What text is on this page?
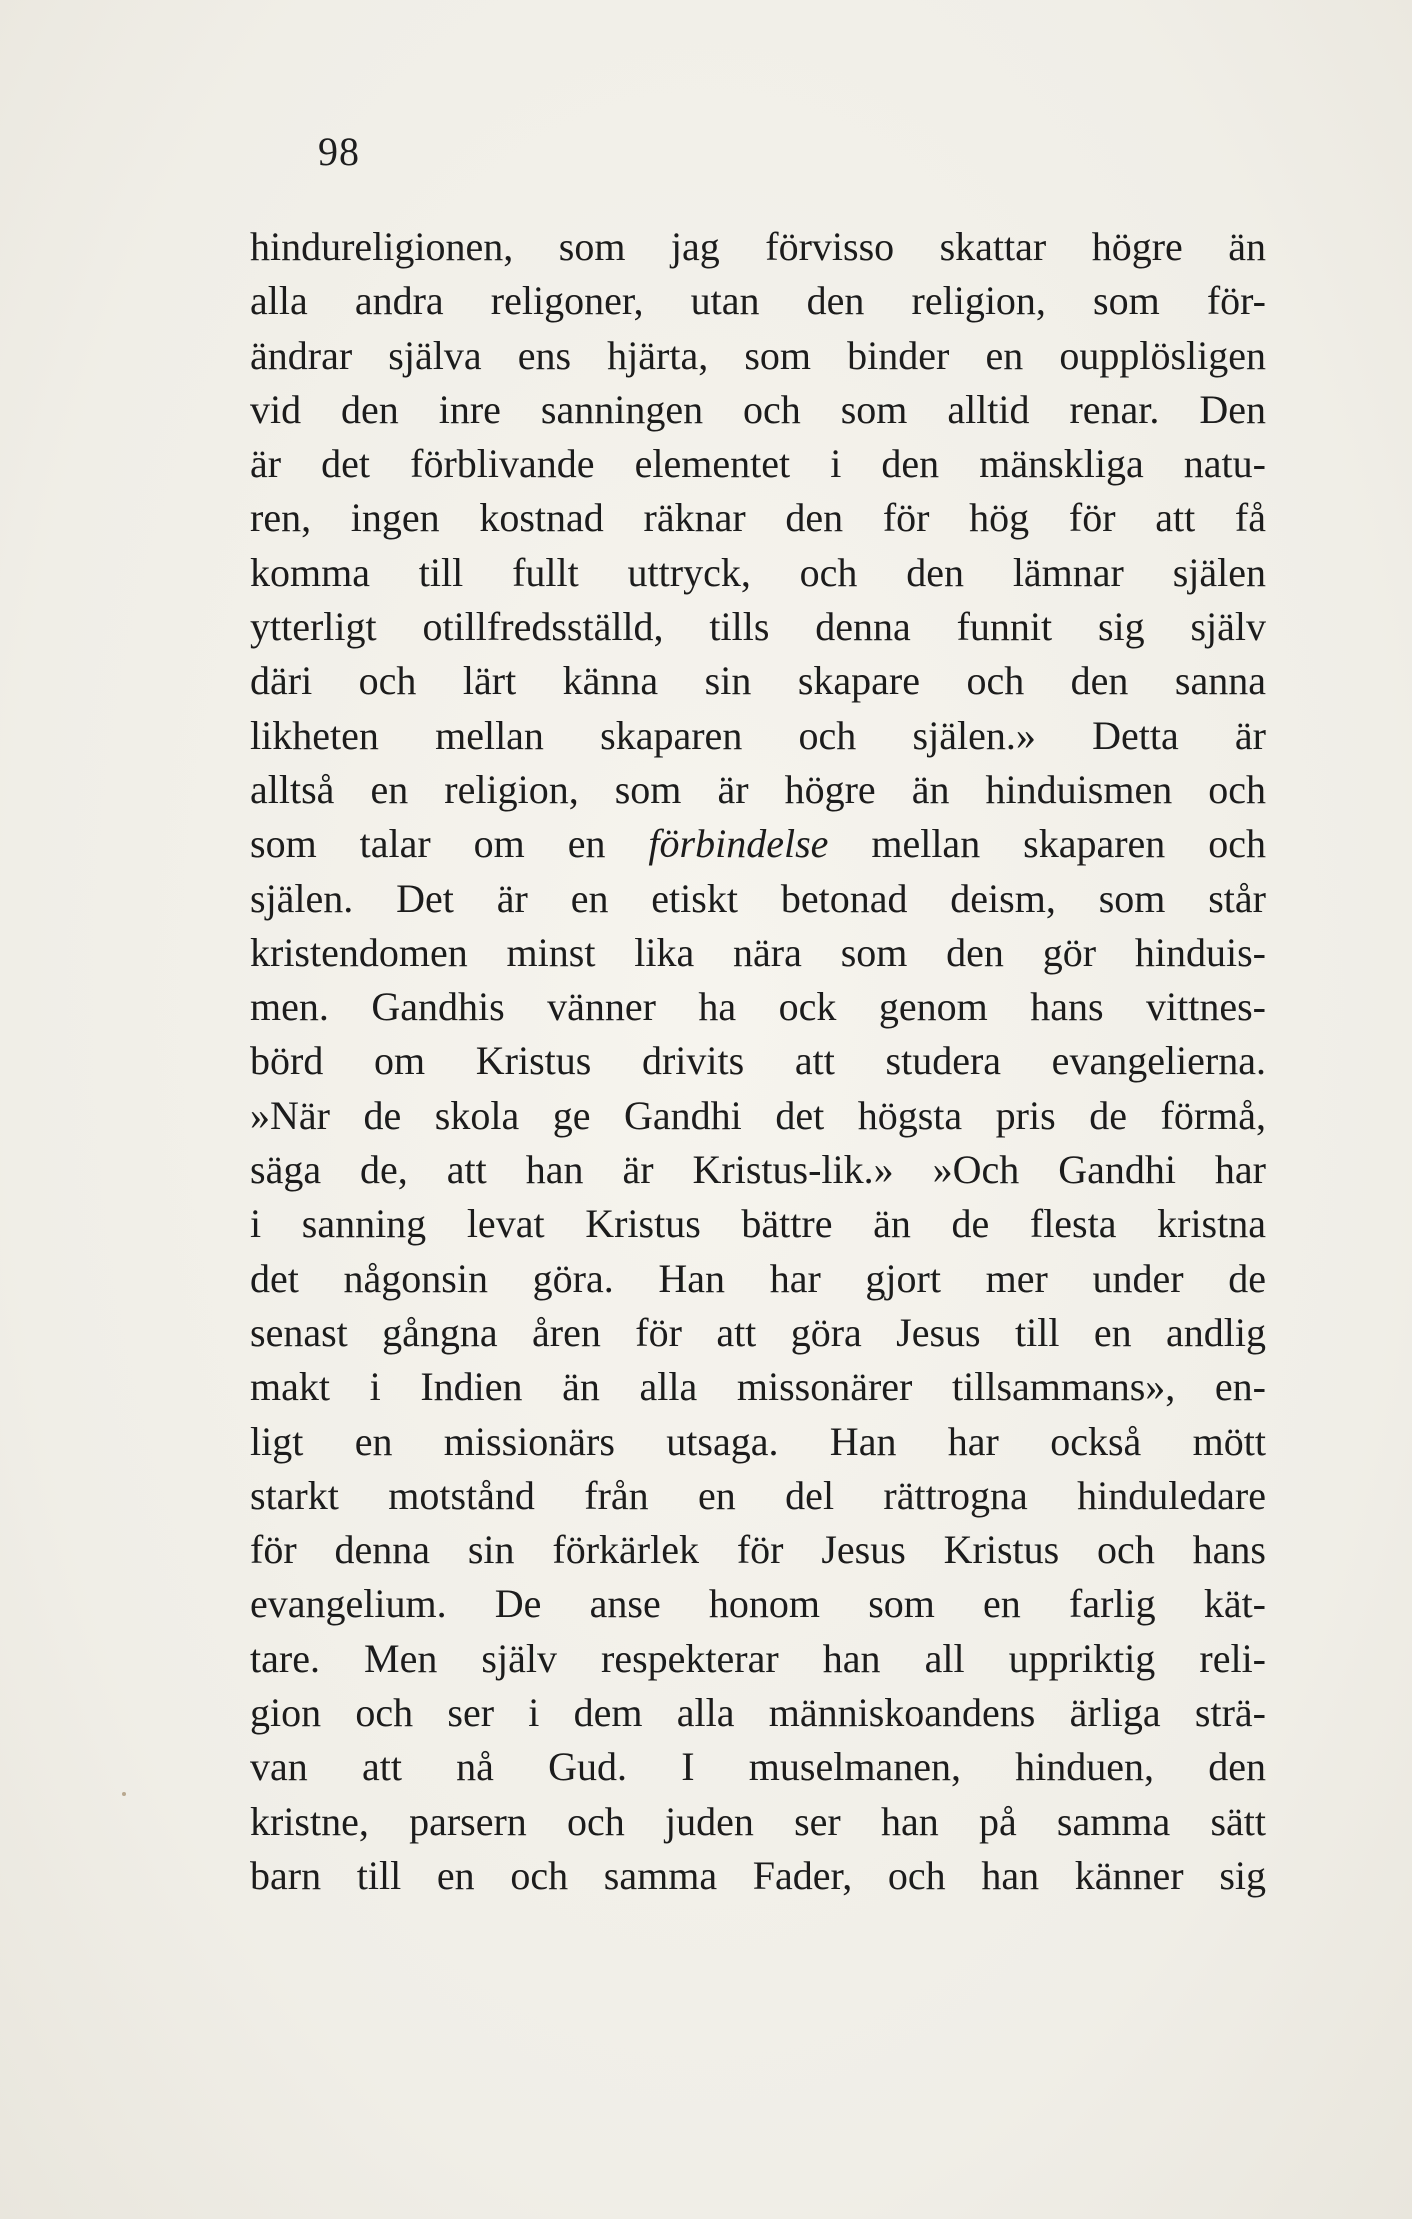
98
hindureligionen, som jag förvisso skattar högre än
alla andra religoner, utan den religion, som för-
ändrar själva ens hjärta, som binder en oupplösligen
vid den inre sanningen och som alltid renar. Den
är det förblivande elementet i den mänskliga natu-
ren, ingen kostnad räknar den för hög för att få
komma till fullt uttryck, och den lämnar själen
ytterligt otillfredsställd, tills denna funnit sig själv
däri och lärt känna sin skapare och den sanna
likheten mellan skaparen och själen.» Detta är
alltså en religion, som är högre än hinduismen och
som talar om en förbindelse mellan skaparen och
själen. Det är en etiskt betonad deism, som står
kristendomen minst lika nära som den gör hinduis-
men. Gandhis vänner ha ock genom hans vittnes-
börd om Kristus drivits att studera evangelierna.
»När de skola ge Gandhi det högsta pris de förmå,
säga de, att han är Kristus-lik.» »Och Gandhi har
i sanning levat Kristus bättre än de flesta kristna
det någonsin göra. Han har gjort mer under de
senast gångna åren för att göra Jesus till en andlig
makt i Indien än alla missonärer tillsammans», en-
ligt en missionärs utsaga. Han har också mött
starkt motstånd från en del rättrogna hinduledare
för denna sin förkärlek för Jesus Kristus och hans
evangelium. De anse honom som en farlig kät-
tare. Men själv respekterar han all uppriktig reli-
gion och ser i dem alla människoandens ärliga strä-
van att nå Gud. I muselmanen, hinduen, den
kristne, parsern och juden ser han på samma sätt
barn till en och samma Fader, och han känner sig
